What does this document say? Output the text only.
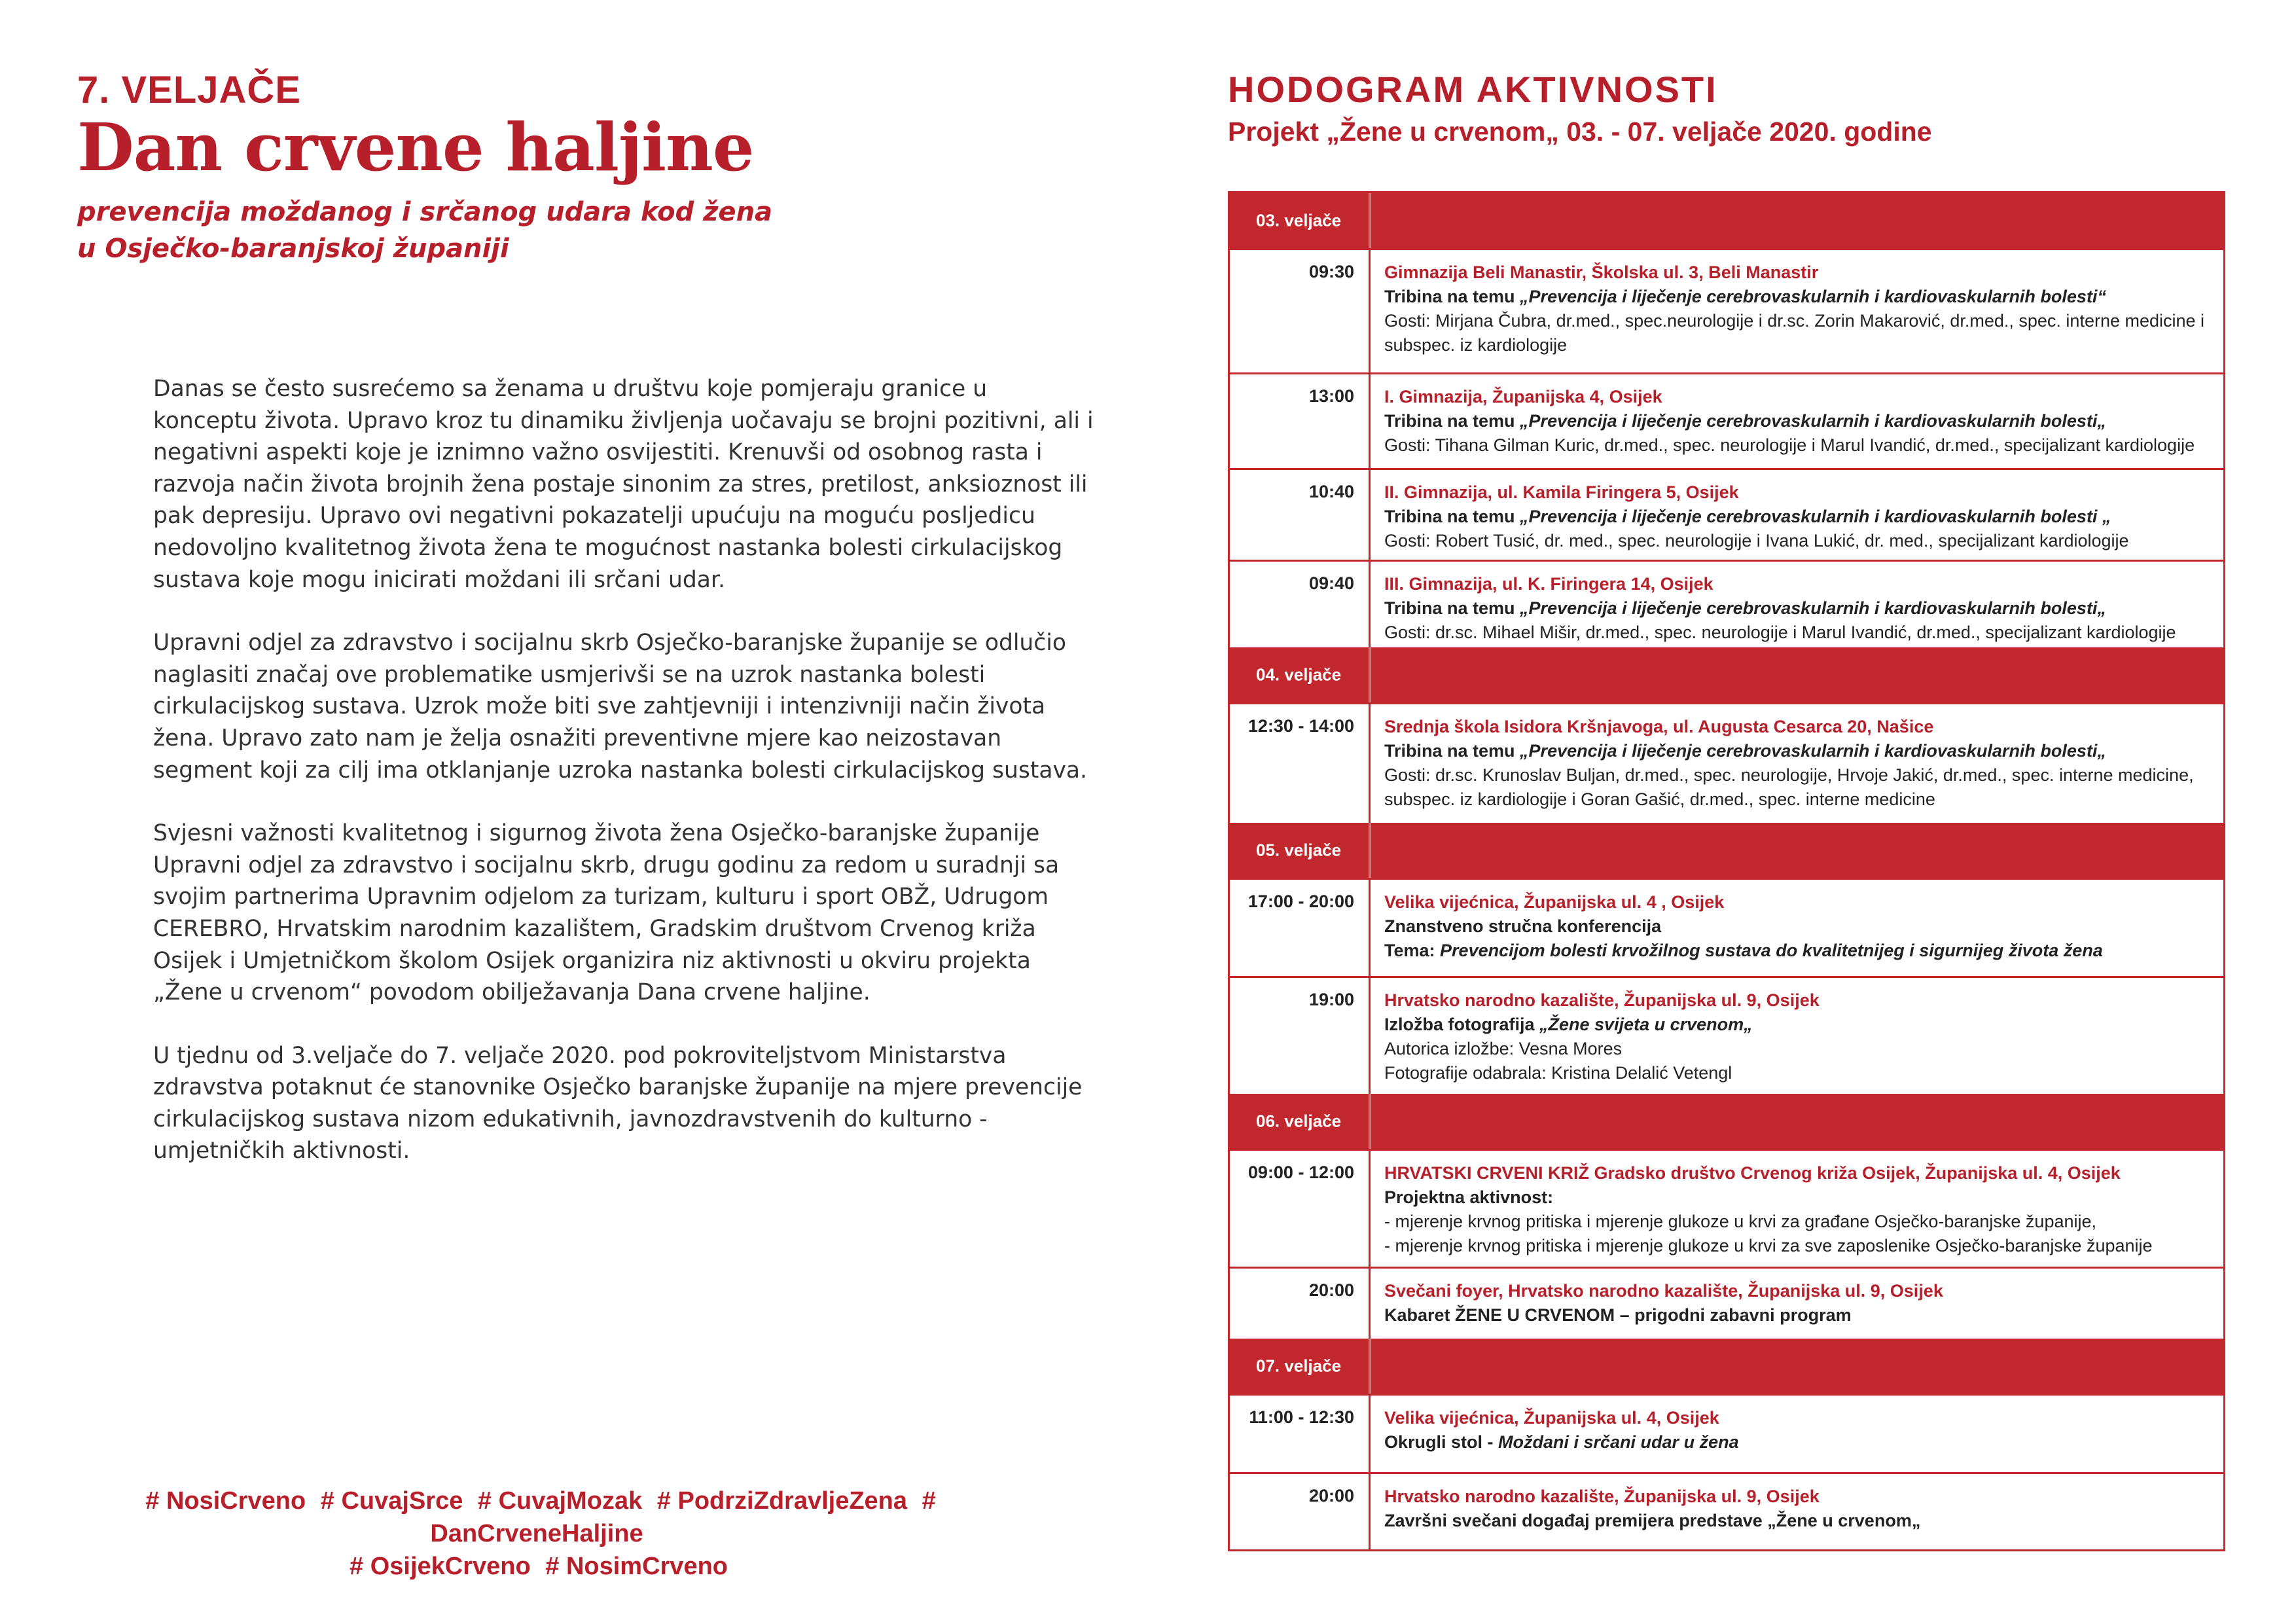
7. VELJAČE
Dan crvene haljine
prevencija moždanog i srčanog udara kod žena
u Osječko-baranjskoj županiji

Danas se često susrećemo sa ženama u društvu koje pomjeraju granice u konceptu života. Upravo kroz tu dinamiku življenja uočavaju se brojni pozitivni, ali i negativni aspekti koje je iznimno važno osvijestiti. Krenuvši od osobnog rasta i razvoja način života brojnih žena postaje sinonim za stres, pretilost, anksioznost ili pak depresiju. Upravo ovi negativni pokazatelji upućuju na moguću posljedicu nedovoljno kvalitetnog života žena te mogućnost nastanka bolesti cirkulacijskog sustava koje mogu inicirati moždani ili srčani udar.

Upravni odjel za zdravstvo i socijalnu skrb Osječko-baranjske županije se odlučio naglasiti značaj ove problematike usmjerivši se na uzrok nastanka bolesti cirkulacijskog sustava. Uzrok može biti sve zahtjevniji i intenzivniji način života žena. Upravo zato nam je želja osnažiti preventivne mjere kao neizostavan segment koji za cilj ima otklanjanje uzroka nastanka bolesti cirkulacijskog sustava.

Svjesni važnosti kvalitetnog i sigurnog života žena Osječko-baranjske županije Upravni odjel za zdravstvo i socijalnu skrb, drugu godinu za redom u suradnji sa svojim partnerima Upravnim odjelom za turizam, kulturu i sport OBŽ, Udrugom CEREBRO, Hrvatskim narodnim kazalištem, Gradskim društvom Crvenog križa Osijek i Umjetničkom školom Osijek organizira niz aktivnosti u okviru projekta „Žene u crvenom“ povodom obilježavanja Dana crvene haljine.

U tjednu od 3.veljače do 7. veljače 2020. pod pokroviteljstvom Ministarstva zdravstva potaknut će stanovnike Osječko baranjske županije na mjere prevencije cirkulacijskog sustava nizom edukativnih, javnozdravstvenih do kulturno - umjetničkih aktivnosti.

# NosiCrveno # CuvajSrce # CuvajMozak # PodrziZdravljeZena # DanCrveneHaljine
# OsijekCrveno # NosimCrveno
HODOGRAM AKTIVNOSTI
Projekt „Žene u crvenom„ 03. - 07. veljače 2020. godine
03. veljače
09:30 Gimnazija Beli Manastir, Školska ul. 3, Beli Manastir
Tribina na temu „Prevencija i liječenje cerebrovaskularnih i kardiovaskularnih bolesti“
Gosti: Mirjana Čubra, dr.med., spec.neurologije i dr.sc. Zorin Makarović, dr.med., spec. interne medicine i subspec. iz kardiologije
13:00 I. Gimnazija, Županijska 4, Osijek
Tribina na temu „Prevencija i liječenje cerebrovaskularnih i kardiovaskularnih bolesti„
Gosti: Tihana Gilman Kuric, dr.med., spec. neurologije i Marul Ivandić, dr.med., specijalizant kardiologije
10:40 II. Gimnazija, ul. Kamila Firingera 5, Osijek
Tribina na temu „Prevencija i liječenje cerebrovaskularnih i kardiovaskularnih bolesti „
Gosti: Robert Tusić, dr. med., spec. neurologije i Ivana Lukić, dr. med., specijalizant kardiologije
09:40 III. Gimnazija, ul. K. Firingera 14, Osijek
Tribina na temu „Prevencija i liječenje cerebrovaskularnih i kardiovaskularnih bolesti„
Gosti: dr.sc. Mihael Mišir, dr.med., spec. neurologije i Marul Ivandić, dr.med., specijalizant kardiologije
04. veljače
12:30 - 14:00 Srednja škola Isidora Kršnjavoga, ul. Augusta Cesarca 20, Našice
Tribina na temu „Prevencija i liječenje cerebrovaskularnih i kardiovaskularnih bolesti„
Gosti: dr.sc. Krunoslav Buljan, dr.med., spec. neurologije, Hrvoje Jakić, dr.med., spec. interne medicine, subspec. iz kardiologije i Goran Gašić, dr.med., spec. interne medicine
05. veljače
17:00 - 20:00 Velika vijećnica, Županijska ul. 4 , Osijek
Znanstveno stručna konferencija
Tema: Prevencijom bolesti krvožilnog sustava do kvalitetnijeg i sigurnijeg života žena
19:00 Hrvatsko narodno kazalište, Županijska ul. 9, Osijek
Izložba fotografija „Žene svijeta u crvenom„
Autorica izložbe: Vesna Mores
Fotografije odabrala: Kristina Delalić Vetengl
06. veljače
09:00 - 12:00 HRVATSKI CRVENI KRIŽ Gradsko društvo Crvenog križa Osijek, Županijska ul. 4, Osijek
Projektna aktivnost:
- mjerenje krvnog pritiska i mjerenje glukoze u krvi za građane Osječko-baranjske županije,
- mjerenje krvnog pritiska i mjerenje glukoze u krvi za sve zaposlenike Osječko-baranjske županije
20:00 Svečani foyer, Hrvatsko narodno kazalište, Županijska ul. 9, Osijek
Kabaret ŽENE U CRVENOM – prigodni zabavni program
07. veljače
11:00 - 12:30 Velika vijećnica, Županijska ul. 4, Osijek
Okrugli stol - Moždani i srčani udar u žena
20:00 Hrvatsko narodno kazalište, Županijska ul. 9, Osijek
Završni svečani događaj premijera predstave „Žene u crvenom„
